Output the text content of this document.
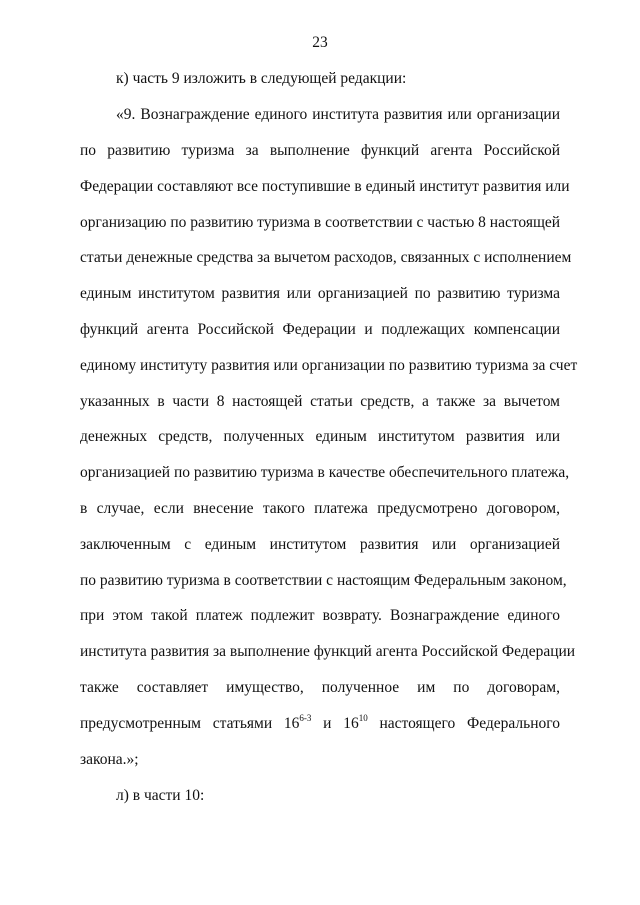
23
к) часть 9 изложить в следующей редакции:
«9. Вознаграждение единого института развития или организации
по развитию туризма за выполнение функций агента Российской
Федерации составляют все поступившие в единый институт развития или
организацию по развитию туризма в соответствии с частью 8 настоящей
статьи денежные средства за вычетом расходов, связанных с исполнением
единым институтом развития или организацией по развитию туризма
функций агента Российской Федерации и подлежащих компенсации
единому институту развития или организации по развитию туризма за счет
указанных в части 8 настоящей статьи средств, а также за вычетом
денежных средств, полученных единым институтом развития или
организацией по развитию туризма в качестве обеспечительного платежа,
в случае, если внесение такого платежа предусмотрено договором,
заключенным с единым институтом развития или организацией
по развитию туризма в соответствии с настоящим Федеральным законом,
при этом такой платеж подлежит возврату. Вознаграждение единого
института развития за выполнение функций агента Российской Федерации
также составляет имущество, полученное им по договорам,
предусмотренным статьями 16$^{6-3}$ и $16^{10}$ настоящего Федерального
закона.»;
л) в части 10:
